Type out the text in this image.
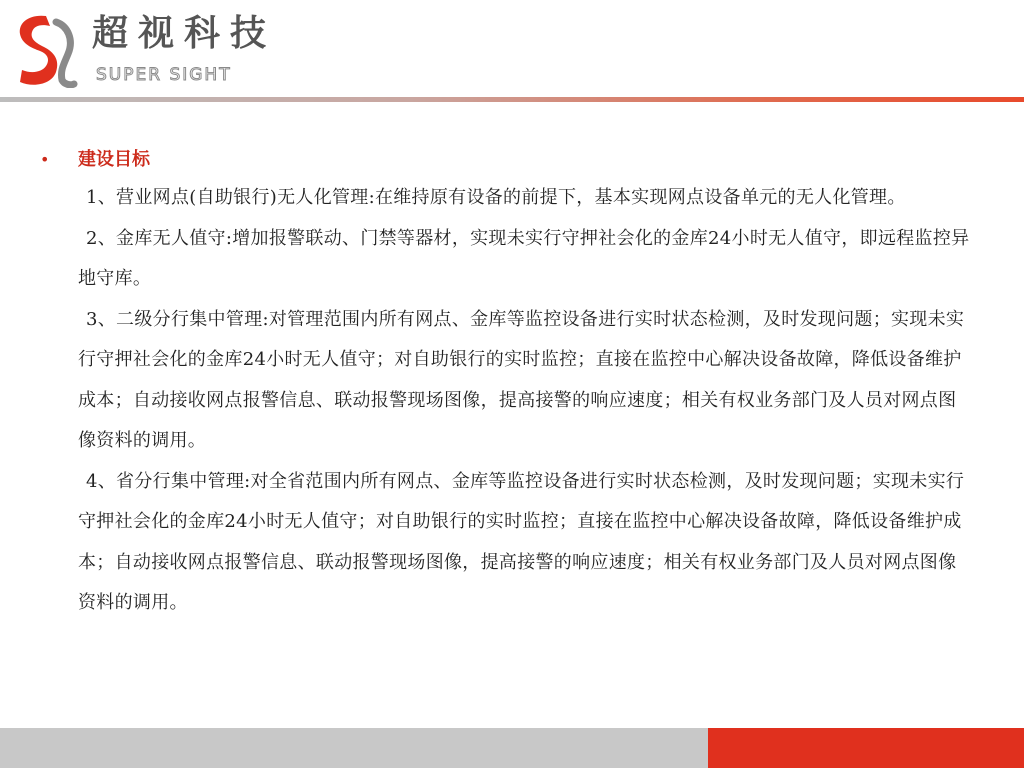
超视科技
SUPER SIGHT
• 建设目标

1、营业网点(自助银行)无人化管理:在维持原有设备的前提下，基本实现网点设备单元的无人化管理。

2、金库无人值守:增加报警联动、门禁等器材，实现未实行守押社会化的金库24小时无人值守，即远程监控异地守库。

3、二级分行集中管理:对管理范围内所有网点、金库等监控设备进行实时状态检测，及时发现问题；实现未实行守押社会化的金库24小时无人值守；对自助银行的实时监控；直接在监控中心解决设备故障，降低设备维护成本；自动接收网点报警信息、联动报警现场图像，提高接警的响应速度；相关有权业务部门及人员对网点图像资料的调用。

4、省分行集中管理:对全省范围内所有网点、金库等监控设备进行实时状态检测，及时发现问题；实现未实行守押社会化的金库24小时无人值守；对自助银行的实时监控；直接在监控中心解决设备故障，降低设备维护成本；自动接收网点报警信息、联动报警现场图像，提高接警的响应速度；相关有权业务部门及人员对网点图像资料的调用。
